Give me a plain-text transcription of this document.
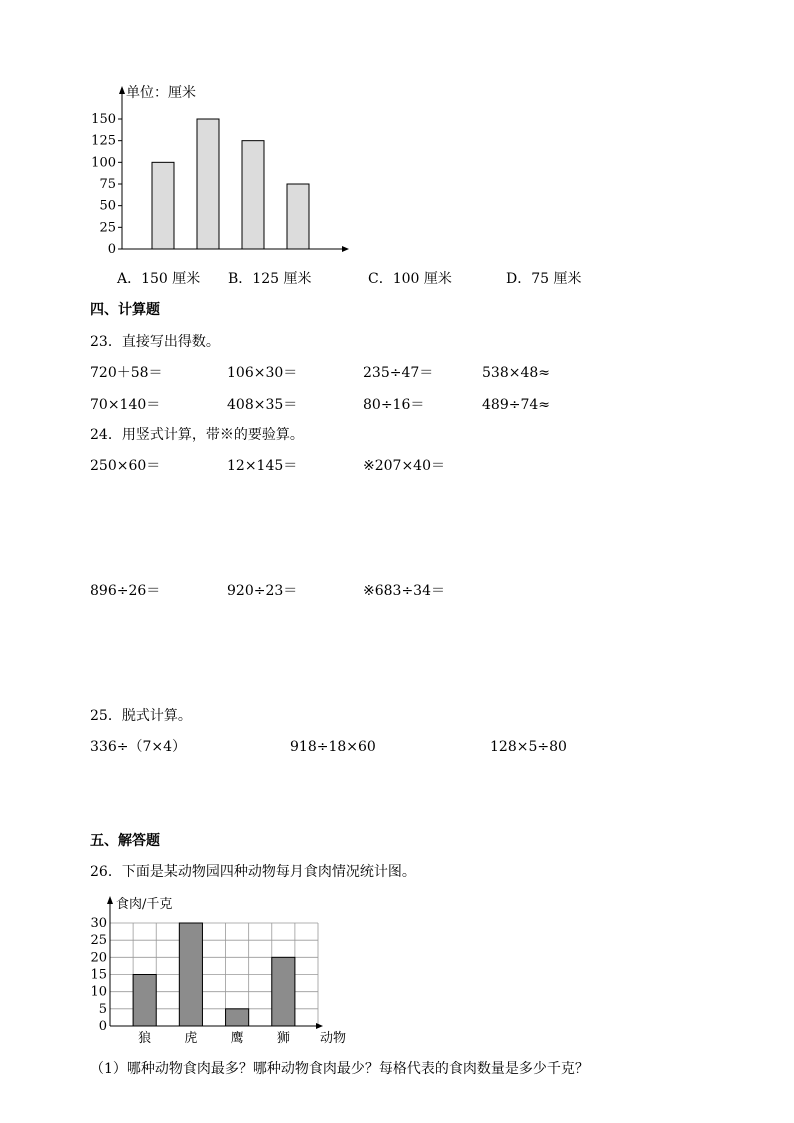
单位：厘米
0
25
50
75
100
125
150
A．150 厘米 B．125 厘米	C．100 厘米	D．75 厘米
四、计算题
23．直接写出得数。
720＋58＝	106×30＝	235÷47＝	538×48≈
70×140＝	408×35＝	80÷16＝	489÷74≈
24．用竖式计算，带※的要验算。
250×60＝	12×145＝	※207×40＝
896÷26＝	920÷23＝	※683÷34＝
25．脱式计算。
336÷（7×4）	918÷18×60	128×5÷80
五、解答题
26．下面是某动物园四种动物每月食肉情况统计图。
食肉/千克
动物
0
5
10
15
20
25
30
狼	虎	鹰	狮
（1）哪种动物食肉最多？哪种动物食肉最少？每格代表的食肉数量是多少千克？
